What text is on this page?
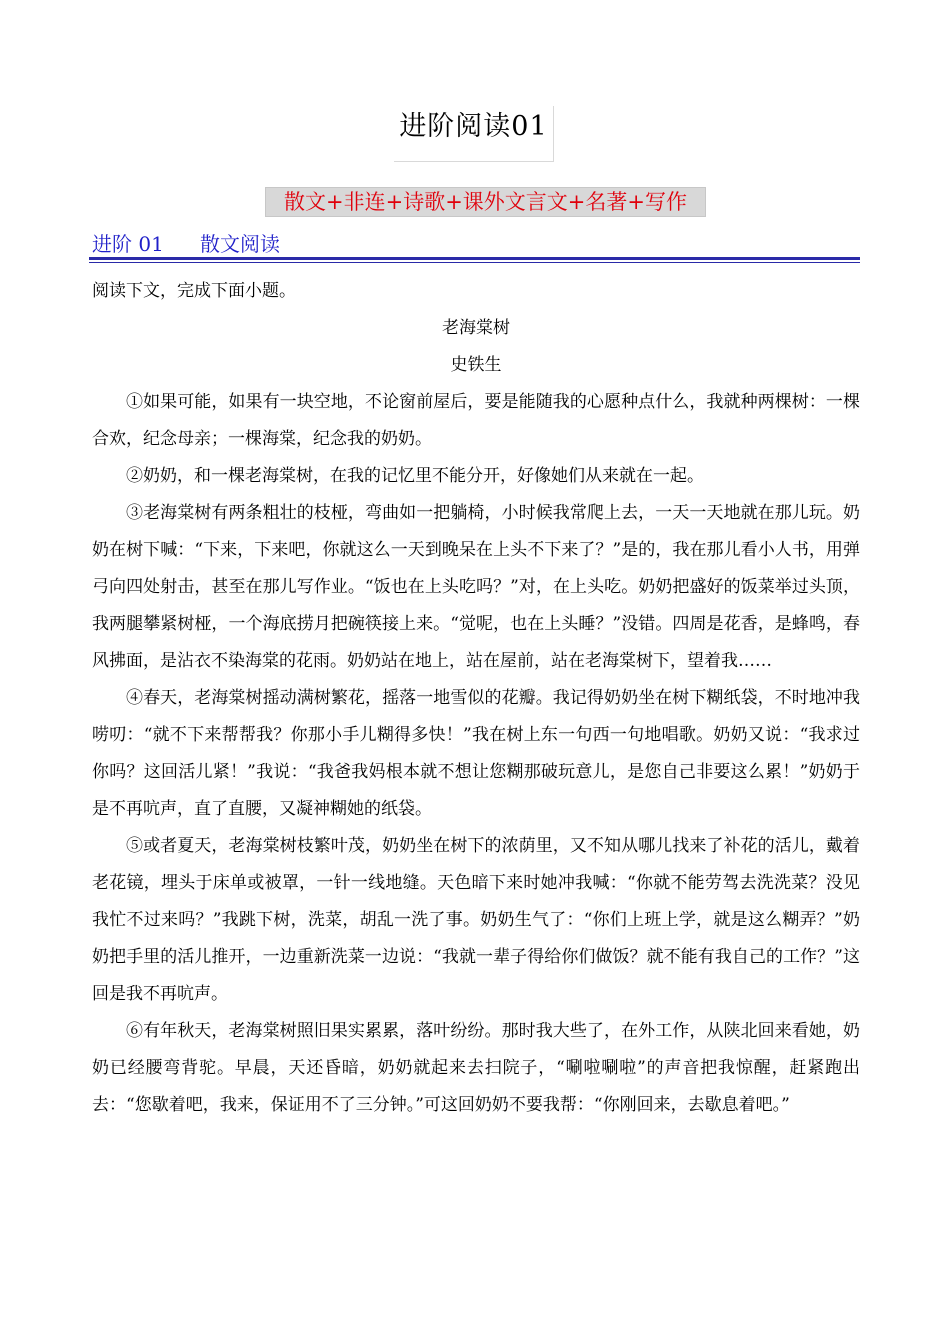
进阶阅读01
散文+非连+诗歌+课外文言文+名著+写作
进阶 01 散文阅读

阅读下文，完成下面小题。

老海棠树

史铁生

①如果可能，如果有一块空地，不论窗前屋后，要是能随我的心愿种点什么，我就种两棵树：一棵合欢，纪念母亲；一棵海棠，纪念我的奶奶。

②奶奶，和一棵老海棠树，在我的记忆里不能分开，好像她们从来就在一起。

③老海棠树有两条粗壮的枝桠，弯曲如一把躺椅，小时候我常爬上去，一天一天地就在那儿玩。奶奶在树下喊：“下来，下来吧，你就这么一天到晚呆在上头不下来了？”是的，我在那儿看小人书，用弹弓向四处射击，甚至在那儿写作业。“饭也在上头吃吗？”对，在上头吃。奶奶把盛好的饭菜举过头顶，我两腿攀紧树桠，一个海底捞月把碗筷接上来。“觉呢，也在上头睡？”没错。四周是花香，是蜂鸣，春风拂面，是沾衣不染海棠的花雨。奶奶站在地上，站在屋前，站在老海棠树下，望着我……

④春天，老海棠树摇动满树繁花，摇落一地雪似的花瓣。我记得奶奶坐在树下糊纸袋，不时地冲我唠叨：“就不下来帮帮我？你那小手儿糊得多快！”我在树上东一句西一句地唱歌。奶奶又说：“我求过你吗？这回活儿紧！”我说：“我爸我妈根本就不想让您糊那破玩意儿，是您自己非要这么累！”奶奶于是不再吭声，直了直腰，又凝神糊她的纸袋。

⑤或者夏天，老海棠树枝繁叶茂，奶奶坐在树下的浓荫里，又不知从哪儿找来了补花的活儿，戴着老花镜，埋头于床单或被罩，一针一线地缝。天色暗下来时她冲我喊：“你就不能劳驾去洗洗菜？没见我忙不过来吗？”我跳下树，洗菜，胡乱一洗了事。奶奶生气了：“你们上班上学，就是这么糊弄？”奶奶把手里的活儿推开，一边重新洗菜一边说：“我就一辈子得给你们做饭？就不能有我自己的工作？”这回是我不再吭声。

⑥有年秋天，老海棠树照旧果实累累，落叶纷纷。那时我大些了，在外工作，从陕北回来看她，奶奶已经腰弯背驼。早晨，天还昏暗，奶奶就起来去扫院子，“唰啦唰啦”的声音把我惊醒，赶紧跑出去：“您歇着吧，我来，保证用不了三分钟。”可这回奶奶不要我帮：“你刚回来，去歇息着吧。”
